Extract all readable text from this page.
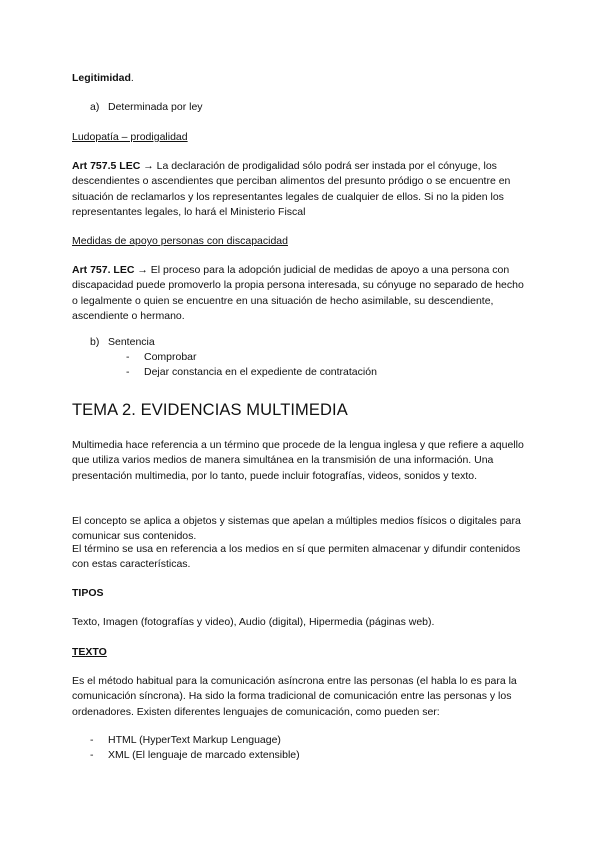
Legitimidad.
a) Determinada por ley
Ludopatía – prodigalidad
Art 757.5 LEC → La declaración de prodigalidad sólo podrá ser instada por el cónyuge, los descendientes o ascendientes que perciban alimentos del presunto pródigo o se encuentre en situación de reclamarlos y los representantes legales de cualquier de ellos. Si no la piden los representantes legales, lo hará el Ministerio Fiscal
Medidas de apoyo personas con discapacidad
Art 757. LEC → El proceso para la adopción judicial de medidas de apoyo a una persona con discapacidad puede promoverlo la propia persona interesada, su cónyuge no separado de hecho o legalmente o quien se encuentre en una situación de hecho asimilable, su descendiente, ascendiente o hermano.
b) Sentencia
- Comprobar
- Dejar constancia en el expediente de contratación
TEMA 2. EVIDENCIAS MULTIMEDIA
Multimedia hace referencia a un término que procede de la lengua inglesa y que refiere a aquello que utiliza varios medios de manera simultánea en la transmisión de una información. Una presentación multimedia, por lo tanto, puede incluir fotografías, videos, sonidos y texto.
El concepto se aplica a objetos y sistemas que apelan a múltiples medios físicos o digitales para comunicar sus contenidos.
El término se usa en referencia a los medios en sí que permiten almacenar y difundir contenidos con estas características.
TIPOS
Texto, Imagen (fotografías y video), Audio (digital), Hipermedia (páginas web).
TEXTO
Es el método habitual para la comunicación asíncrona entre las personas (el habla lo es para la comunicación síncrona). Ha sido la forma tradicional de comunicación entre las personas y los ordenadores. Existen diferentes lenguajes de comunicación, como pueden ser:
- HTML (HyperText Markup Lenguage)
- XML (El lenguaje de marcado extensible)
